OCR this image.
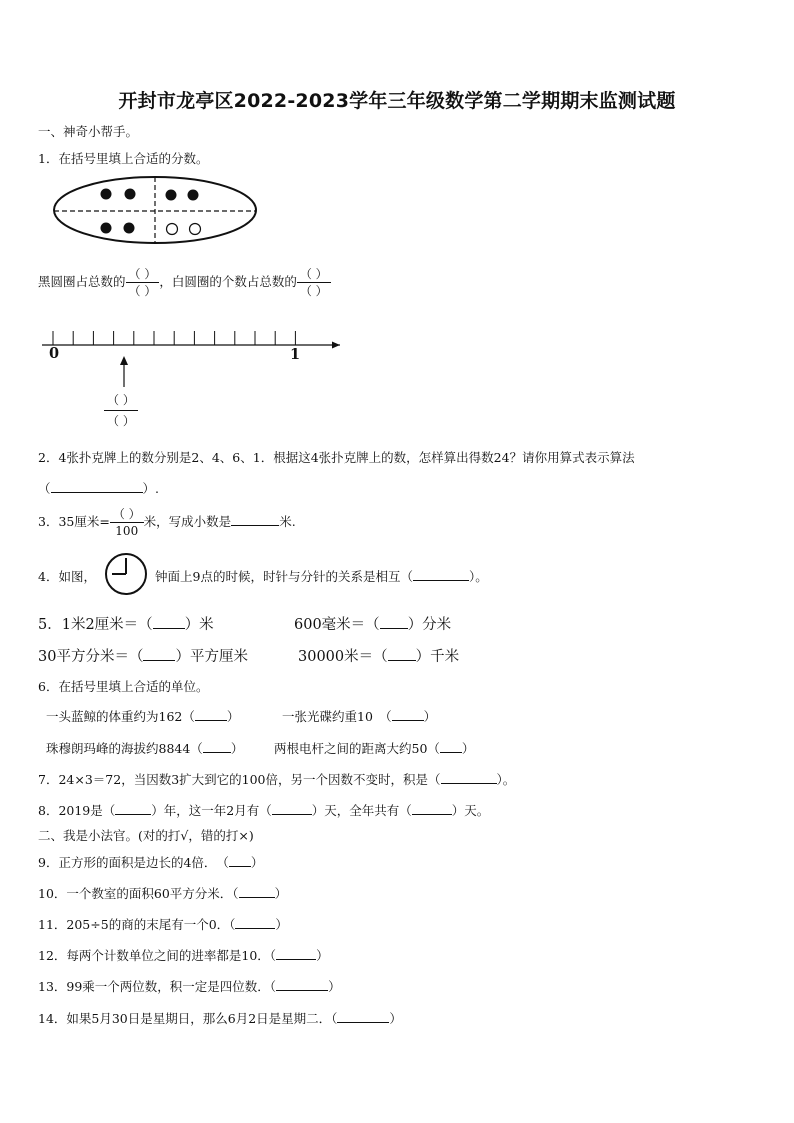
开封市龙亭区2022-2023学年三年级数学第二学期期末监测试题
一、神奇小帮手。
1．在括号里填上合适的分数。
黑圆圈占总数的 $\frac{( )}{( )}$ ，白圆圈的个数占总数的 $\frac{( )}{( )}$
0	1
$\frac{( )}{( )}$
2．4张扑克牌上的数分别是2、4、6、1．根据这4张扑克牌上的数，怎样算出得数24？请你用算式表示算法
（	）.
3．35厘米= $\frac{( )}{100}$ 米，写成小数是	米.
4．如图，	钟面上9点的时候，时针与分针的关系是相互（	）。
5．1米2厘米＝（ ）米	600毫米＝（ ）分米
30平方分米＝（ ）平方厘米	30000米＝（ ）千米
6．在括号里填上合适的单位。
一头蓝鲸的体重约为162（	）	一张光碟约重10　（	）
珠穆朗玛峰的海拔约8844（ ） 两根电杆之间的距离大约50（ ）
7．24×3＝72，当因数3扩大到它的100倍，另一个因数不变时，积是（	）。
8．2019是（	）年，这一年2月有（	）天，全年共有（	）天。
二、我是小法官。(对的打√，错的打×)
9．正方形的面积是边长的4倍．　（ ）
10．一个教室的面积60平方分米．（	）
11．205÷5的商的末尾有一个0．（	）
12．每两个计数单位之间的进率都是10．（	）
13．99乘一个两位数，积一定是四位数．（	）
14．如果5月30日是星期日，那么6月2日是星期二．（	）
